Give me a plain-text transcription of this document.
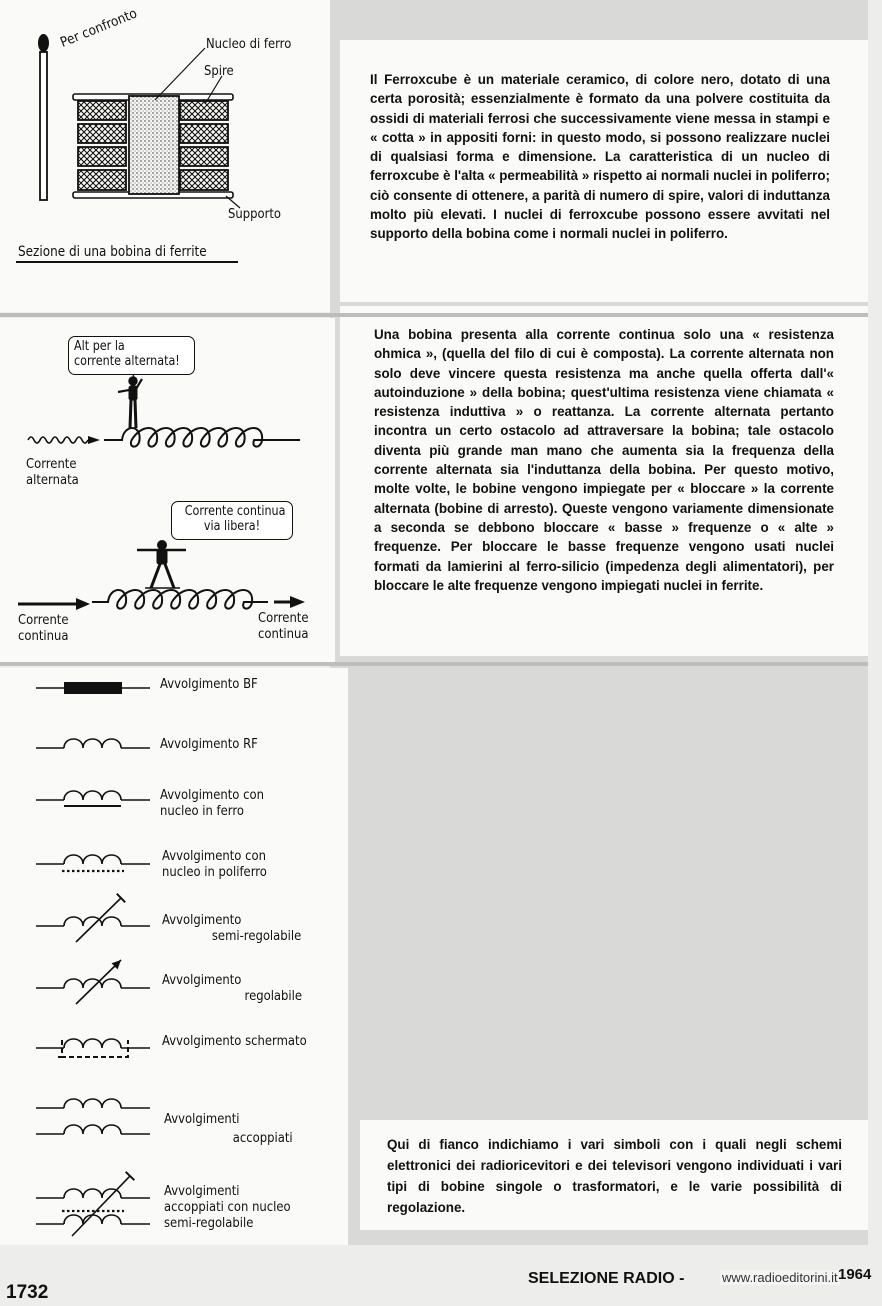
Per confronto	Nucleo di ferro
Spire
Supporto
Sezione di una bobina di ferrite
Il Ferroxcube è un materiale ceramico, di colore nero, dotato di una certa porosità; essenzialmente è formato da una polvere costituita da ossidi di materiali ferrosi che successivamente viene messa in stampi e « cotta » in appositi forni: in questo modo, si possono realizzare nuclei di qualsiasi forma e dimensione. La caratteristica di un nucleo di ferroxcube è l'alta « permeabilità » rispetto ai normali nuclei in poliferro; ciò consente di ottenere, a parità di numero di spire, valori di induttanza molto più elevati. I nuclei di ferroxcube possono essere avvitati nel supporto della bobina come i normali nuclei in poliferro.
Alt per la
corrente alternata!
Corrente
alternata
Corrente continua
via libera!
Corrente
continua
Corrente
continua
Una bobina presenta alla corrente continua solo una « resistenza ohmica », (quella del filo di cui è composta). La corrente alternata non solo deve vincere questa resistenza ma anche quella offerta dall'« autoinduzione » della bobina; quest'ultima resistenza viene chiamata « resistenza induttiva » o reattanza. La corrente alternata pertanto incontra un certo ostacolo ad attraversare la bobina; tale ostacolo diventa più grande man mano che aumenta sia la frequenza della corrente alternata sia l'induttanza della bobina. Per questo motivo, molte volte, le bobine vengono impiegate per « bloccare » la corrente alternata (bobine di arresto). Queste vengono variamente dimensionate a seconda se debbono bloccare « basse » frequenze o « alte » frequenze. Per bloccare le basse frequenze vengono usati nuclei formati da lamierini al ferro-silicio (impedenza degli alimentatori), per bloccare le alte frequenze vengono impiegati nuclei in ferrite.
Avvolgimento BF
Avvolgimento RF
Avvolgimento con
nucleo in ferro
Avvolgimento con
nucleo in poliferro
Avvolgimento
semi-regolabile
Avvolgimento
regolabile
Avvolgimento schermato
Avvolgimenti
accoppiati
Avvolgimenti
accoppiati con nucleo
semi-regolabile
Qui di fianco indichiamo i vari simboli con i quali negli schemi elettronici dei radioricevitori e dei televisori vengono individuati i vari tipi di bobine singole o trasformatori, e le varie possibilità di regolazione.
1732
SELEZIONE RADIO -	www.radioeditorini.it 1964
